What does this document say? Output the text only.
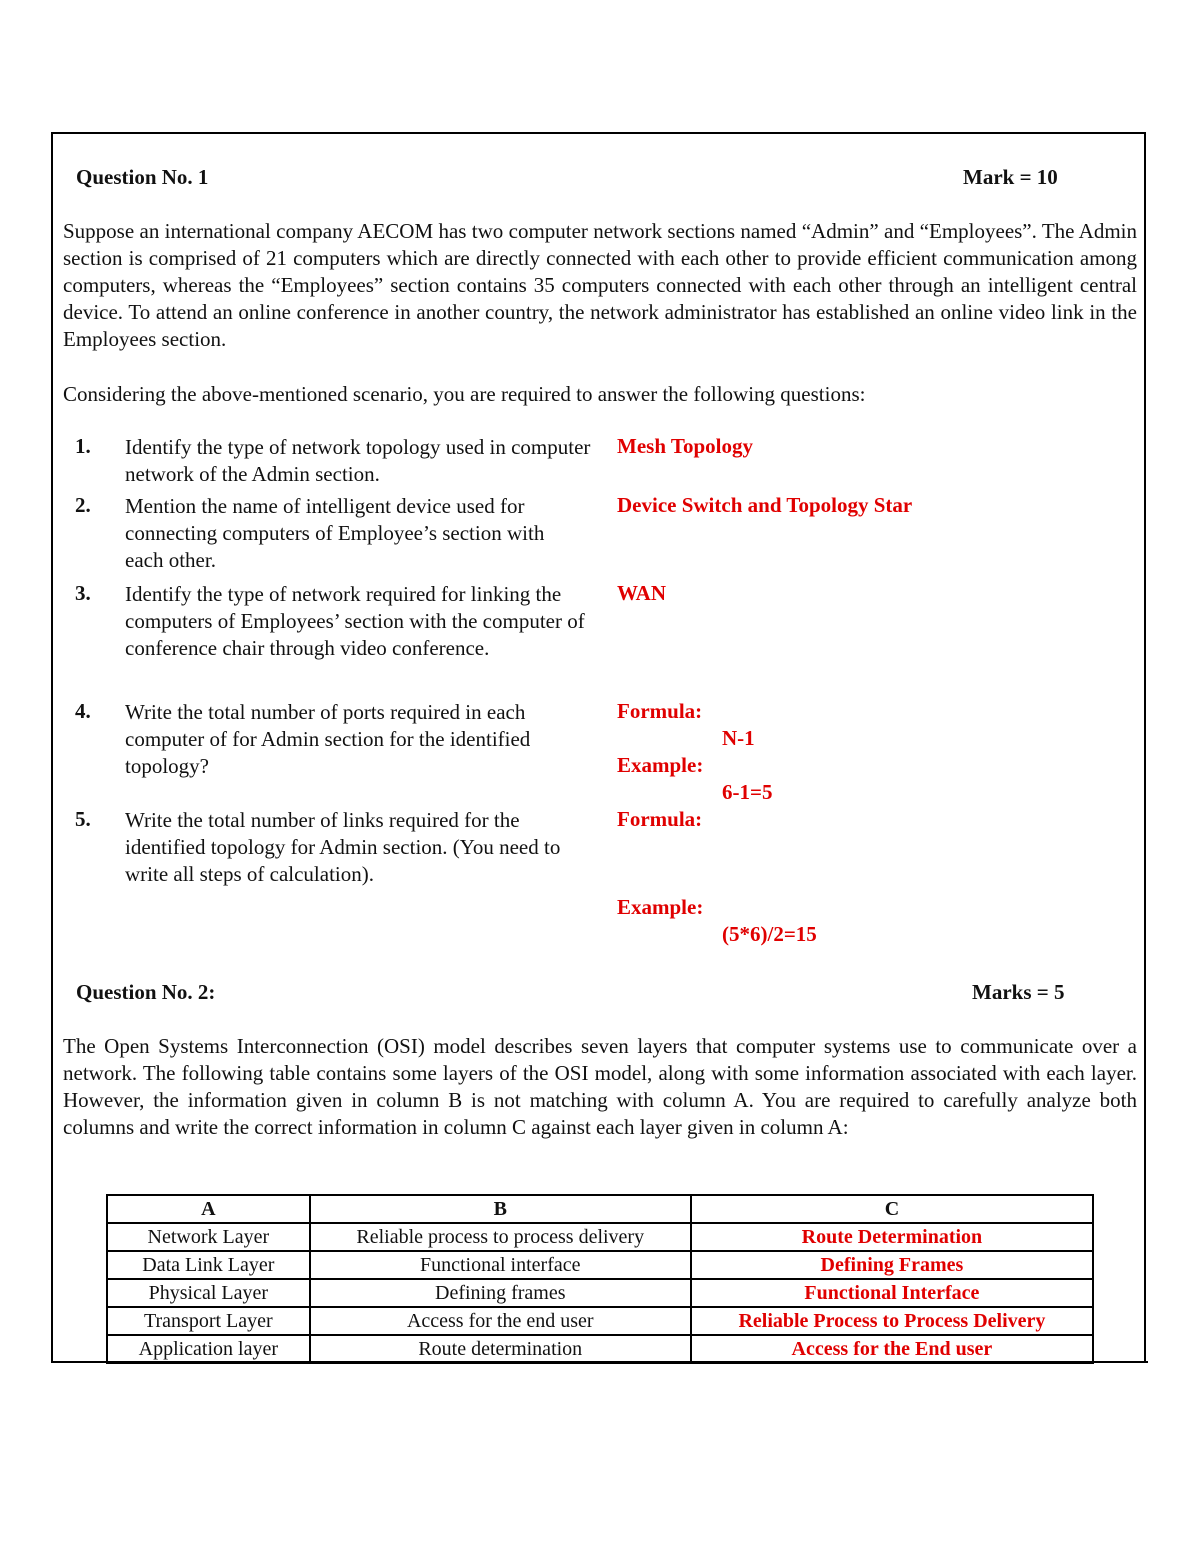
Question No. 1	Mark = 10
Suppose an international company AECOM has two computer network sections named “Admin” and “Employees”. The Admin section is comprised of 21 computers which are directly connected with each other to provide efficient communication among computers, whereas the “Employees” section contains 35 computers connected with each other through an intelligent central device. To attend an online conference in another country, the network administrator has established an online video link in the Employees section.
Considering the above-mentioned scenario, you are required to answer the following questions:
1. Identify the type of network topology used in computer network of the Admin section.
Mesh Topology
2. Mention the name of intelligent device used for connecting computers of Employee’s section with each other.
Device Switch and Topology Star
3. Identify the type of network required for linking the computers of Employees’ section with the computer of conference chair through video conference.
WAN
4. Write the total number of ports required in each computer of for Admin section for the identified topology?
Formula:
N-1
Example:
6-1=5
5. Write the total number of links required for the identified topology for Admin section. (You need to write all steps of calculation).
Formula:
Example:
(5*6)/2=15
Question No. 2:	Marks = 5
The Open Systems Interconnection (OSI) model describes seven layers that computer systems use to communicate over a network. The following table contains some layers of the OSI model, along with some information associated with each layer. However, the information given in column B is not matching with column A. You are required to carefully analyze both columns and write the correct information in column C against each layer given in column A:
A	B	C
Network Layer	Reliable process to process delivery	Route Determination
Data Link Layer	Functional interface	Defining Frames
Physical Layer	Defining frames	Functional Interface
Transport Layer	Access for the end user	Reliable Process to Process Delivery
Application layer	Route determination	Access for the End user
